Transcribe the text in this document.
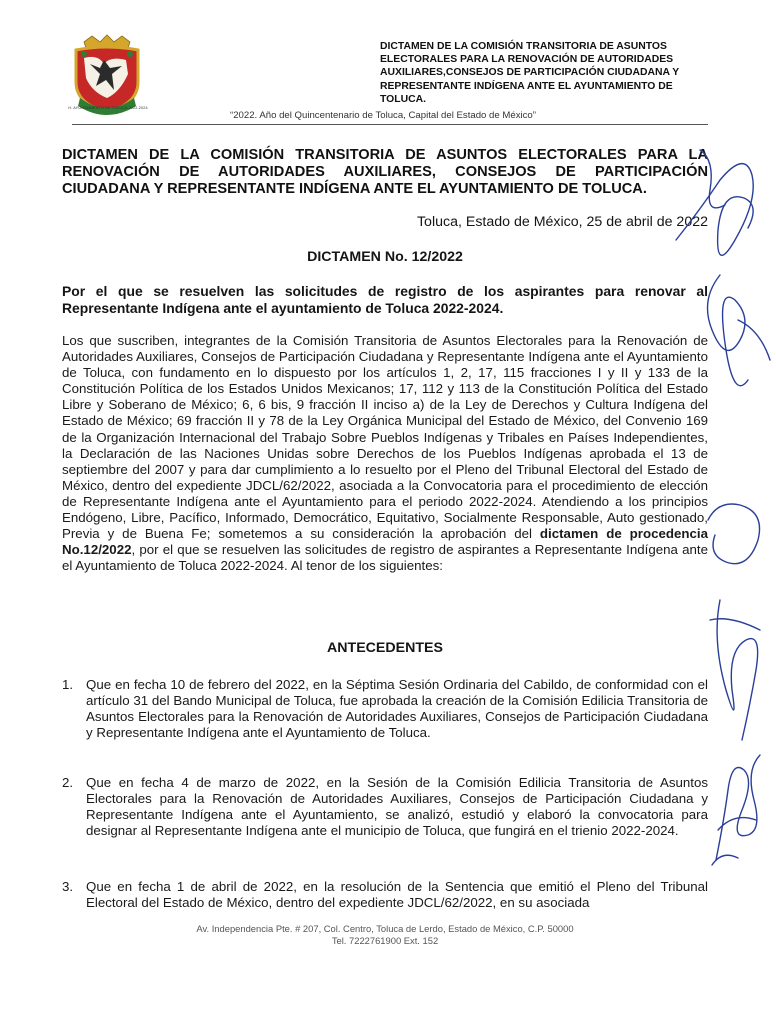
H. AYUNTAMIENTO DE TOLUCA 2022-2024
DICTAMEN DE LA COMISIÓN TRANSITORIA DE ASUNTOS ELECTORALES PARA LA RENOVACIÓN DE AUTORIDADES AUXILIARES,CONSEJOS DE PARTICIPACIÓN CIUDADANA Y REPRESENTANTE INDÍGENA ANTE EL AYUNTAMIENTO DE TOLUCA.
“2022. Año del Quincentenario de Toluca, Capital del Estado de México”
DICTAMEN DE LA COMISIÓN TRANSITORIA DE ASUNTOS ELECTORALES PARA LA RENOVACIÓN DE AUTORIDADES AUXILIARES, CONSEJOS DE PARTICIPACIÓN CIUDADANA Y REPRESENTANTE INDÍGENA ANTE EL AYUNTAMIENTO DE TOLUCA.
Toluca, Estado de México, 25 de abril de 2022
DICTAMEN No. 12/2022
Por el que se resuelven las solicitudes de registro de los aspirantes para renovar al Representante Indígena ante el ayuntamiento de Toluca 2022-2024.
Los que suscriben, integrantes de la Comisión Transitoria de Asuntos Electorales para la Renovación de Autoridades Auxiliares, Consejos de Participación Ciudadana y Representante Indígena ante el Ayuntamiento de Toluca, con fundamento en lo dispuesto por los artículos 1, 2, 17, 115 fracciones I y II y 133 de la Constitución Política de los Estados Unidos Mexicanos; 17, 112 y 113 de la Constitución Política del Estado Libre y Soberano de México; 6, 6 bis, 9 fracción II inciso a) de la Ley de Derechos y Cultura Indígena del Estado de México; 69 fracción II y 78 de la Ley Orgánica Municipal del Estado de México, del Convenio 169 de la Organización Internacional del Trabajo Sobre Pueblos Indígenas y Tribales en Países Independientes, la Declaración de las Naciones Unidas sobre Derechos de los Pueblos Indígenas aprobada el 13 de septiembre del 2007 y para dar cumplimiento a lo resuelto por el Pleno del Tribunal Electoral del Estado de México, dentro del expediente JDCL/62/2022, asociada a la Convocatoria para el procedimiento de elección de Representante Indígena ante el Ayuntamiento para el periodo 2022-2024. Atendiendo a los principios Endógeno, Libre, Pacífico, Informado, Democrático, Equitativo, Socialmente Responsable, Auto gestionado, Previa y de Buena Fe; sometemos a su consideración la aprobación del dictamen de procedencia No.12/2022, por el que se resuelven las solicitudes de registro de aspirantes a Representante Indígena ante el Ayuntamiento de Toluca 2022-2024. Al tenor de los siguientes:
ANTECEDENTES
1. Que en fecha 10 de febrero del 2022, en la Séptima Sesión Ordinaria del Cabildo, de conformidad con el artículo 31 del Bando Municipal de Toluca, fue aprobada la creación de la Comisión Edilicia Transitoria de Asuntos Electorales para la Renovación de Autoridades Auxiliares, Consejos de Participación Ciudadana y Representante Indígena ante el Ayuntamiento de Toluca.
2. Que en fecha 4 de marzo de 2022, en la Sesión de la Comisión Edilicia Transitoria de Asuntos Electorales para la Renovación de Autoridades Auxiliares, Consejos de Participación Ciudadana y Representante Indígena ante el Ayuntamiento, se analizó, estudió y elaboró la convocatoria para designar al Representante Indígena ante el municipio de Toluca, que fungirá en el trienio 2022-2024.
3. Que en fecha 1 de abril de 2022, en la resolución de la Sentencia que emitió el Pleno del Tribunal Electoral del Estado de México, dentro del expediente JDCL/62/2022, en su asociada
Av. Independencia Pte. # 207, Col. Centro, Toluca de Lerdo, Estado de México, C.P. 50000
Tel. 7222761900 Ext. 152
